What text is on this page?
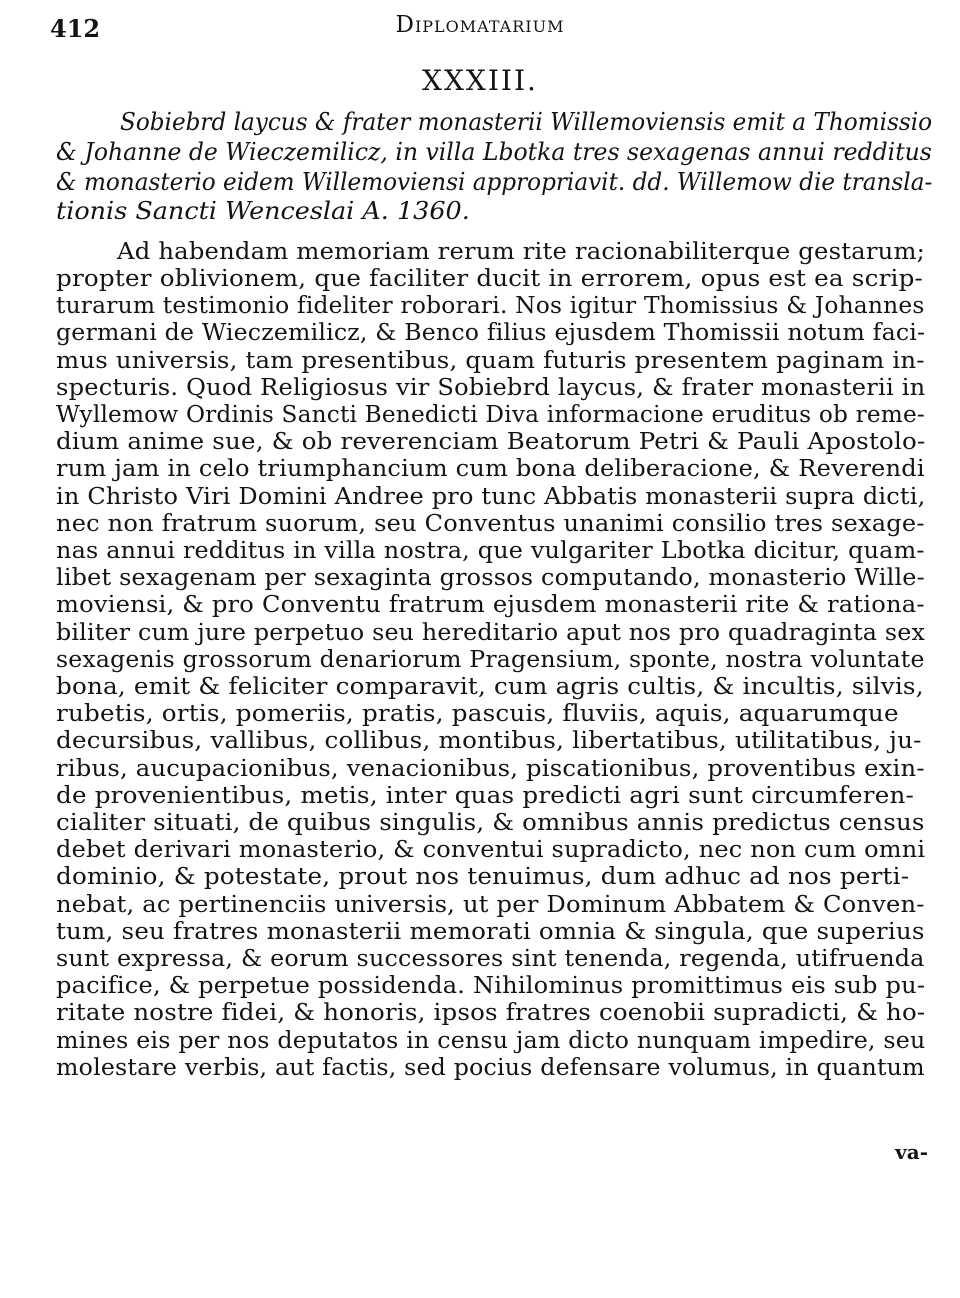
412	Diplomatarium
XXXIII.
Sobiebrd laycus & frater monasterii Willemoviensis emit a Thomissio
& Johanne de Wieczemilicz, in villa Lbotka tres sexagenas annui redditus
& monasterio eidem Willemoviensi appropriavit. dd. Willemow die transla-
tionis Sancti Wenceslai A. 1360.
Ad habendam memoriam rerum rite racionabiliterque gestarum;
propter oblivionem, que faciliter ducit in errorem, opus est ea scrip-
turarum testimonio fideliter roborari. Nos igitur Thomissius & Johannes
germani de Wieczemilicz, & Benco filius ejusdem Thomissii notum faci-
mus universis, tam presentibus, quam futuris presentem paginam in-
specturis. Quod Religiosus vir Sobiebrd laycus, & frater monasterii in
Wyllemow Ordinis Sancti Benedicti Diva informacione eruditus ob reme-
dium anime sue, & ob reverenciam Beatorum Petri & Pauli Apostolo-
rum jam in celo triumphancium cum bona deliberacione, & Reverendi
in Christo Viri Domini Andree pro tunc Abbatis monasterii supra dicti,
nec non fratrum suorum, seu Conventus unanimi consilio tres sexage-
nas annui redditus in villa nostra, que vulgariter Lbotka dicitur, quam-
libet sexagenam per sexaginta grossos computando, monasterio Wille-
moviensi, & pro Conventu fratrum ejusdem monasterii rite & rationa-
biliter cum jure perpetuo seu hereditario aput nos pro quadraginta sex
sexagenis grossorum denariorum Pragensium, sponte, nostra voluntate
bona, emit & feliciter comparavit, cum agris cultis, & incultis, silvis,
rubetis, ortis, pomeriis, pratis, pascuis, fluviis, aquis, aquarumque
decursibus, vallibus, collibus, montibus, libertatibus, utilitatibus, ju-
ribus, aucupacionibus, venacionibus, piscationibus, proventibus exin-
de provenientibus, metis, inter quas predicti agri sunt circumferen-
cialiter situati, de quibus singulis, & omnibus annis predictus census
debet derivari monasterio, & conventui supradicto, nec non cum omni
dominio, & potestate, prout nos tenuimus, dum adhuc ad nos perti-
nebat, ac pertinenciis universis, ut per Dominum Abbatem & Conven-
tum, seu fratres monasterii memorati omnia & singula, que superius
sunt expressa, & eorum successores sint tenenda, regenda, utifruenda
pacifice, & perpetue possidenda. Nihilominus promittimus eis sub pu-
ritate nostre fidei, & honoris, ipsos fratres coenobii supradicti, & ho-
mines eis per nos deputatos in censu jam dicto nunquam impedire, seu
molestare verbis, aut factis, sed pocius defensare volumus, in quantum
va-
